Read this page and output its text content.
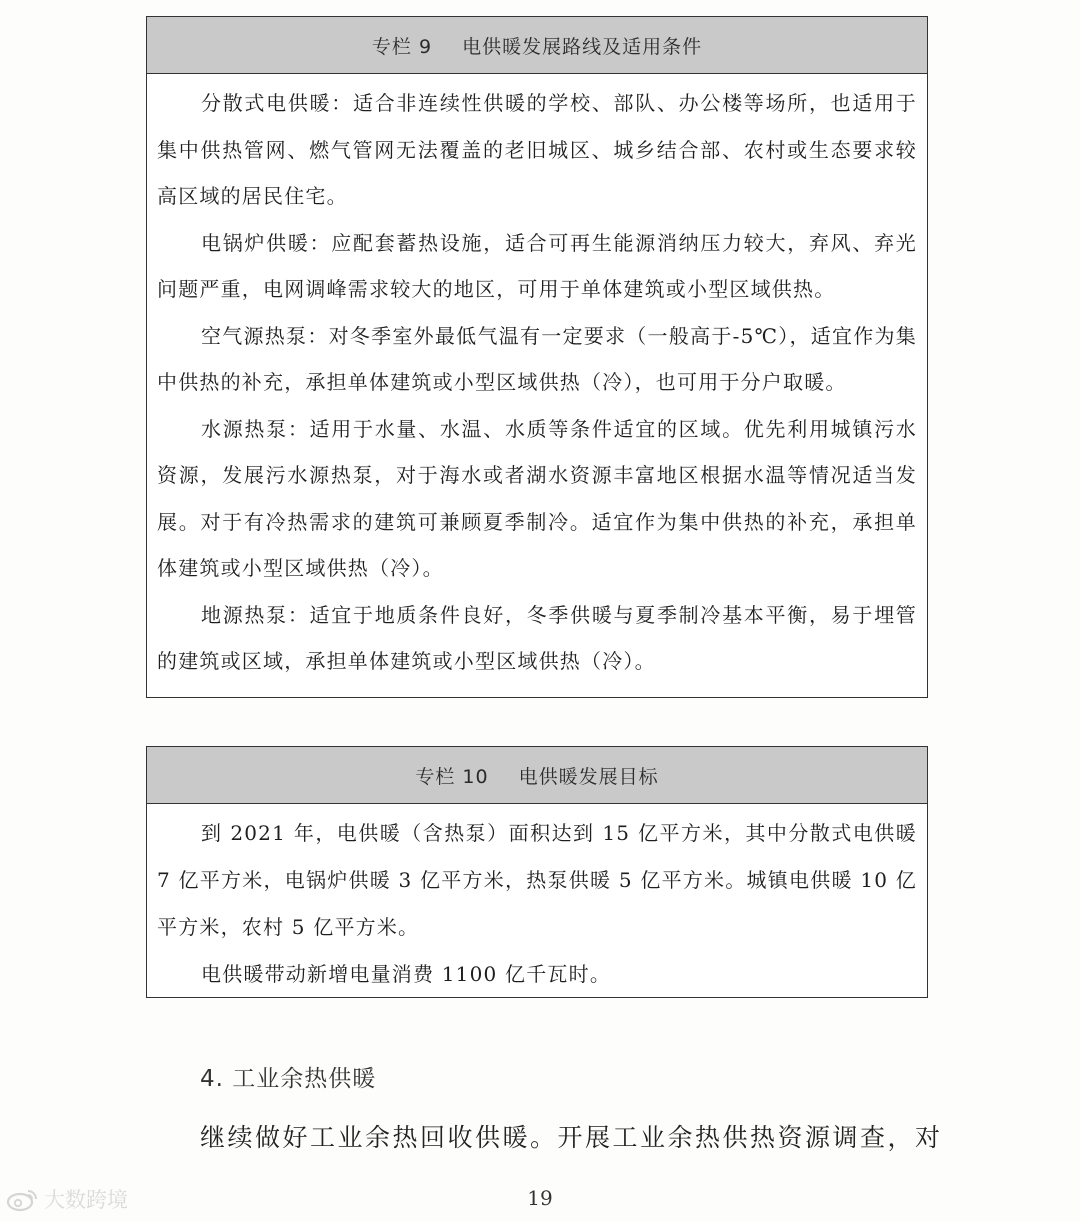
专栏 9 电供暖发展路线及适用条件

分散式电供暖：适合非连续性供暖的学校、部队、办公楼等场所，也适用于集中供热管网、燃气管网无法覆盖的老旧城区、城乡结合部、农村或生态要求较高区域的居民住宅。

电锅炉供暖：应配套蓄热设施，适合可再生能源消纳压力较大，弃风、弃光问题严重，电网调峰需求较大的地区，可用于单体建筑或小型区域供热。

空气源热泵：对冬季室外最低气温有一定要求（一般高于-5℃），适宜作为集中供热的补充，承担单体建筑或小型区域供热（冷），也可用于分户取暖。

水源热泵：适用于水量、水温、水质等条件适宜的区域。优先利用城镇污水资源，发展污水源热泵，对于海水或者湖水资源丰富地区根据水温等情况适当发展。对于有冷热需求的建筑可兼顾夏季制冷。适宜作为集中供热的补充，承担单体建筑或小型区域供热（冷）。

地源热泵：适宜于地质条件良好，冬季供暖与夏季制冷基本平衡，易于埋管的建筑或区域，承担单体建筑或小型区域供热（冷）。

专栏 10 电供暖发展目标

到 2021 年，电供暖（含热泵）面积达到 15 亿平方米，其中分散式电供暖 7 亿平方米，电锅炉供暖 3 亿平方米，热泵供暖 5 亿平方米。城镇电供暖 10 亿平方米，农村 5 亿平方米。

电供暖带动新增电量消费 1100 亿千瓦时。

4. 工业余热供暖
继续做好工业余热回收供暖。开展工业余热供热资源调查，对
19
大数跨境
